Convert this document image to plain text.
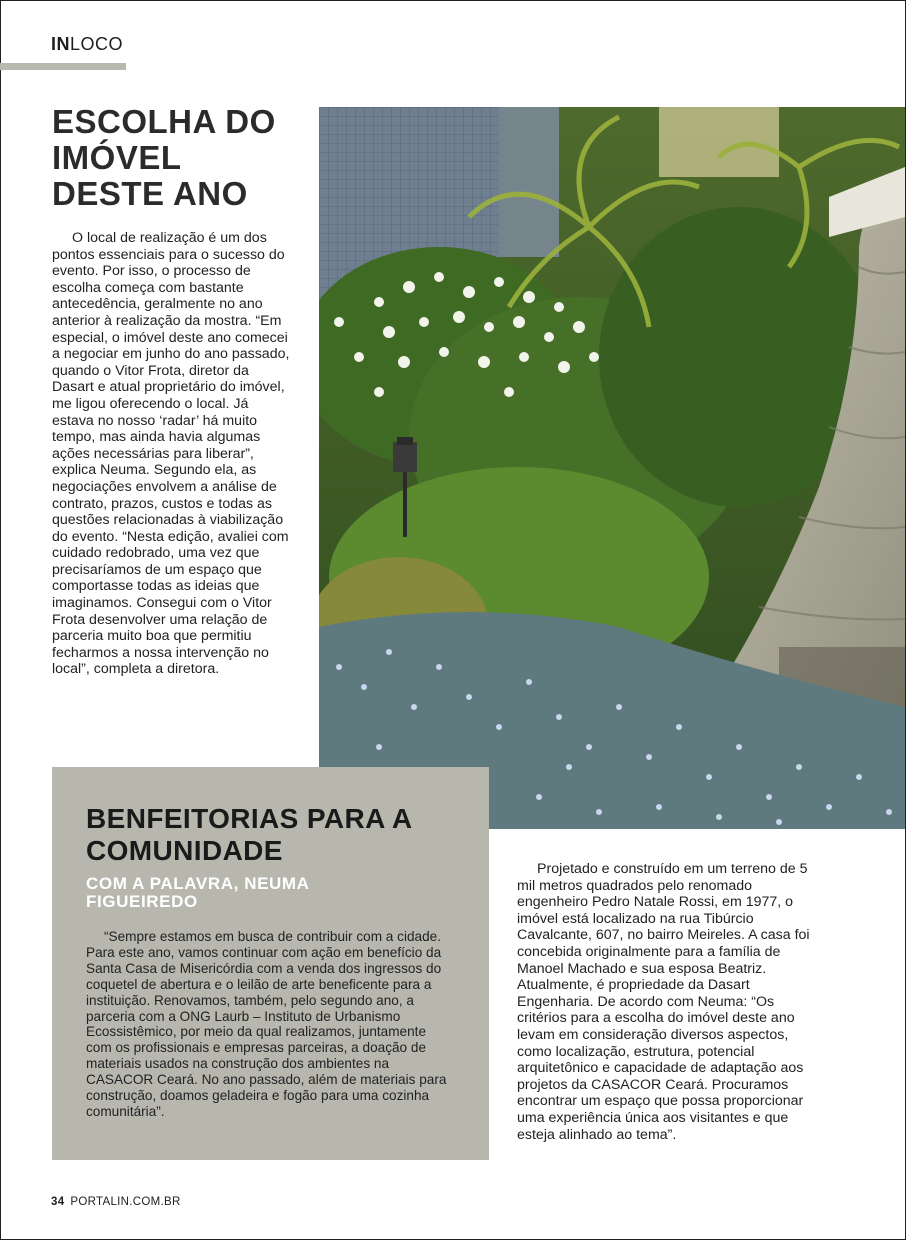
INLOCO
ESCOLHA DO IMÓVEL DESTE ANO

O local de realização é um dos pontos essenciais para o sucesso do evento. Por isso, o processo de escolha começa com bastante antecedência, geralmente no ano anterior à realização da mostra. “Em especial, o imóvel deste ano comecei a negociar em junho do ano passado, quando o Vitor Frota, diretor da Dasart e atual proprietário do imóvel, me ligou oferecendo o local. Já estava no nosso ‘radar’ há muito tempo, mas ainda havia algumas ações necessárias para liberar”, explica Neuma. Segundo ela, as negociações envolvem a análise de contrato, prazos, custos e todas as questões relacionadas à viabilização do evento. “Nesta edição, avaliei com cuidado redobrado, uma vez que precisaríamos de um espaço que comportasse todas as ideias que imaginamos. Consegui com o Vitor Frota desenvolver uma relação de parceria muito boa que permitiu fecharmos a nossa intervenção no local”, completa a diretora.

BENFEITORIAS PARA A COMUNIDADE
COM A PALAVRA, NEUMA FIGUEIREDO

“Sempre estamos em busca de contribuir com a cidade. Para este ano, vamos continuar com ação em benefício da Santa Casa de Misericórdia com a venda dos ingressos do coquetel de abertura e o leilão de arte beneficente para a instituição. Renovamos, também, pelo segundo ano, a parceria com a ONG Laurb – Instituto de Urbanismo Ecossistêmico, por meio da qual realizamos, juntamente com os profissionais e empresas parceiras, a doação de materiais usados na construção dos ambientes na CASACOR Ceará. No ano passado, além de materiais para construção, doamos geladeira e fogão para uma cozinha comunitária”.

Projetado e construído em um terreno de 5 mil metros quadrados pelo renomado engenheiro Pedro Natale Rossi, em 1977, o imóvel está localizado na rua Tibúrcio Cavalcante, 607, no bairro Meireles. A casa foi concebida originalmente para a família de Manoel Machado e sua esposa Beatriz. Atualmente, é propriedade da Dasart Engenharia. De acordo com Neuma: “Os critérios para a escolha do imóvel deste ano levam em consideração diversos aspectos, como localização, estrutura, potencial arquitetônico e capacidade de adaptação aos projetos da CASACOR Ceará. Procuramos encontrar um espaço que possa proporcionar uma experiência única aos visitantes e que esteja alinhado ao tema”.

34 PORTALIN.COM.BR
